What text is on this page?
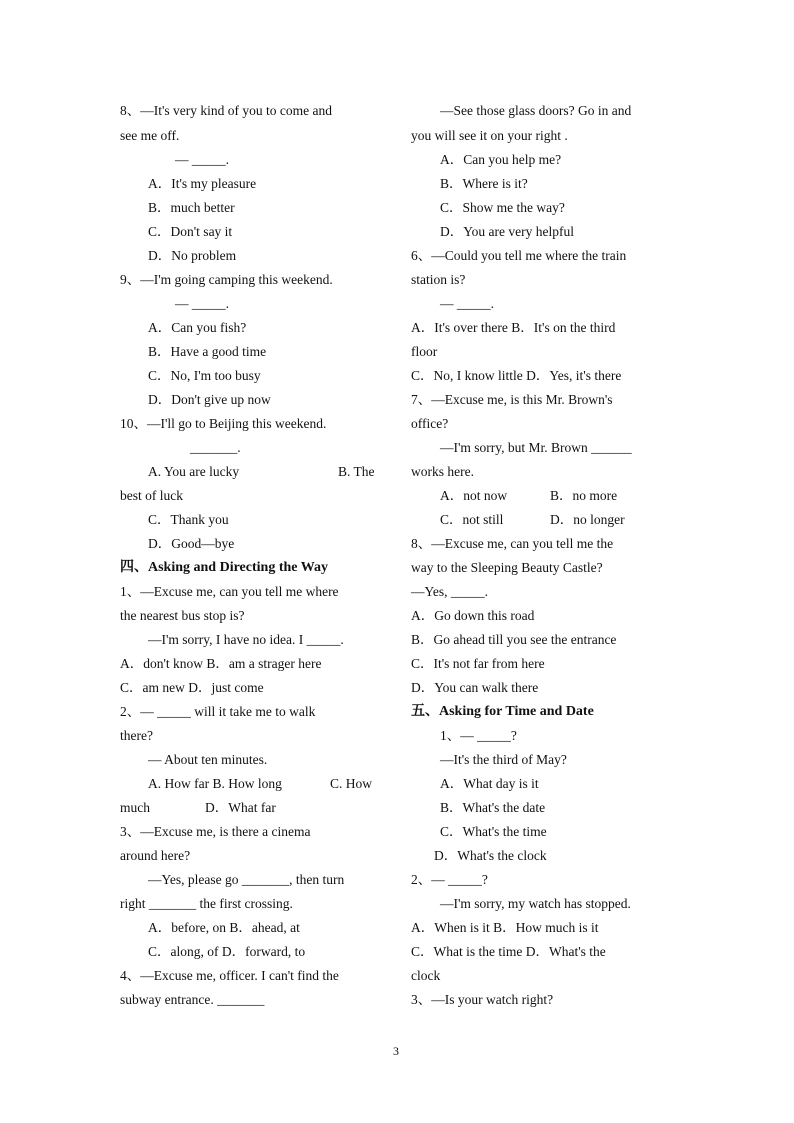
8、—It's very kind of you to come and
see me off.
— _____.
A．It's my pleasure
B．much better
C．Don't say it
D．No problem
9、—I'm going camping this weekend.
— _____.
A．Can you fish?
B．Have a good time
C．No, I'm too busy
D．Don't give up now
10、—I'll go to Beijing this weekend.
_______.
A. You are lucky	B. The
best of luck
C．Thank you
D．Good—bye
四、Asking and Directing the Way
1、—Excuse me, can you tell me where
the nearest bus stop is?
—I'm sorry, I have no idea. I _____.
A．don't know B．am a strager here
C．am new D．just come
2、— _____ will it take me to walk
there?
— About ten minutes.
A. How far B. How long	C. How
much	D．What far
3、—Excuse me, is there a cinema
around here?
—Yes, please go _______, then turn
right _______ the first crossing.
A．before, on B．ahead, at
C．along, of D．forward, to
4、—Excuse me, officer. I can't find the
subway entrance. _______
—See those glass doors? Go in and
you will see it on your right .
A．Can you help me?
B．Where is it?
C．Show me the way?
D．You are very helpful
6、—Could you tell me where the train
station is?
— _____.
A．It's over there B．It's on the third
floor
C．No, I know little D．Yes, it's there
7、—Excuse me, is this Mr. Brown's
office?
—I'm sorry, but Mr. Brown ______
works here.
A．not now	B．no more
C．not still	D．no longer
8、—Excuse me, can you tell me the
way to the Sleeping Beauty Castle?
—Yes, _____.
A．Go down this road
B．Go ahead till you see the entrance
C．It's not far from here
D．You can walk there
五、Asking for Time and Date
1、— _____?
—It's the third of May?
A．What day is it
B．What's the date
C．What's the time
D．What's the clock
2、— _____?
—I'm sorry, my watch has stopped.
A．When is it B．How much is it
C．What is the time D．What's the
clock
3、—Is your watch right?
3
